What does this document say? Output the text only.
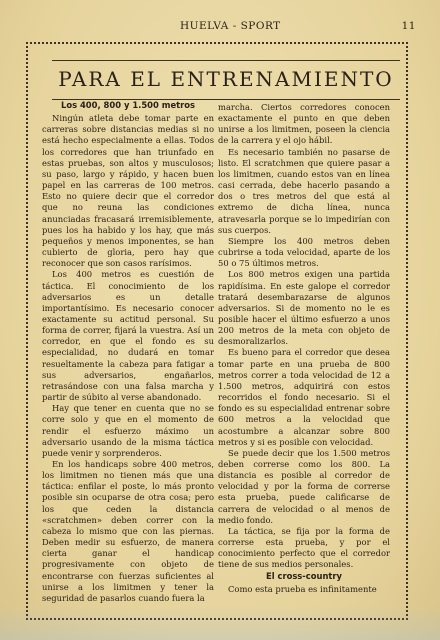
HUELVA - SPORT	11
PARA EL ENTRENAMIENTO
Los 400, 800 y 1.500 metros

Ningún atleta debe tomar parte en carreras sobre distancias medias si no está hecho especialmente a ellas. Todos los corredores que han triunfado en estas pruebas, son altos y musculosos; su paso, largo y rápido, y hacen buen papel en las carreras de 100 metros. Esto no quiere decir que el corredor que no reuna las condiciones anunciadas fracasará irremisiblemente, pues los ha habido y los hay, que más pequeños y menos imponentes, se han cubierto de gloria, pero hay que reconocer que son casos rarísimos.

Los 400 metros es cuestión de táctica. El conocimiento de los adversarios es un detalle importantísimo. Es necesario conocer exactamente su actitud personal. Su forma de correr, fijará la vuestra. Así un corredor, en que el fondo es su especialidad, no dudará en tomar resueltamente la cabeza para fatigar a sus adversarios, engañarlos, retrasándose con una falsa marcha y partir de súbito al verse abandonado.

Hay que tener en cuenta que no se corre solo y que en el momento de rendir el esfuerzo máximo un adversario usando de la misma táctica puede venir y sorprenderos.

En los handicaps sobre 400 metros, los limitmen no tienen más que una táctica: enfilar el poste, lo más pronto posible sin ocuparse de otra cosa; pero los que ceden la distancia «scratchmen» deben correr con la cabeza lo mismo que con las piernas. Deben medir su esfuerzo, de manera cierta ganar el handicap progresivamente con objeto de encontrarse con fuerzas suficientes al unirse a los limitmen y tener la seguridad de pasarlos cuando fuera la

marcha. Ciertos corredores conocen exactamente el punto en que deben unirse a los limitmen, poseen la ciencia de la carrera y el ojo hábil.

Es necesario también no pasarse de listo. El scratchmen que quiere pasar a los limitmen, cuando estos van en línea casi cerrada, debe hacerlo pasando a dos o tres metros del que está al extremo de dicha línea, nunca atravesarla porque se lo impedirían con sus cuerpos.

Siempre los 400 metros deben cubrirse a toda velocidad, aparte de los 50 o 75 últimos metros.

Los 800 metros exigen una partida rapidísima. En este galope el corredor tratará desembarazarse de algunos adversarios. Si de momento no le es posible hacer el último esfuerzo a unos 200 metros de la meta con objeto de desmoralizarlos.

Es bueno para el corredor que desea tomar parte en una prueba de 800 metros correr a toda velocidad de 12 a 1.500 metros, adquirirá con estos recorridos el fondo necesario. Si el fondo es su especialidad entrenar sobre 600 metros a la velocidad que acostumbre a alcanzar sobre 800 metros y si es posible con velocidad.

Se puede decir que los 1.500 metros deben correrse como los 800. La distancia es posible al corredor de velocidad y por la forma de correrse esta prueba, puede calificarse de carrera de velocidad o al menos de medio fondo.

La táctica, se fija por la forma de correrse esta prueba, y por el conocimiento perfecto que el corredor tiene de sus medios personales.

El cross-country

Como esta prueba es infinitamente
